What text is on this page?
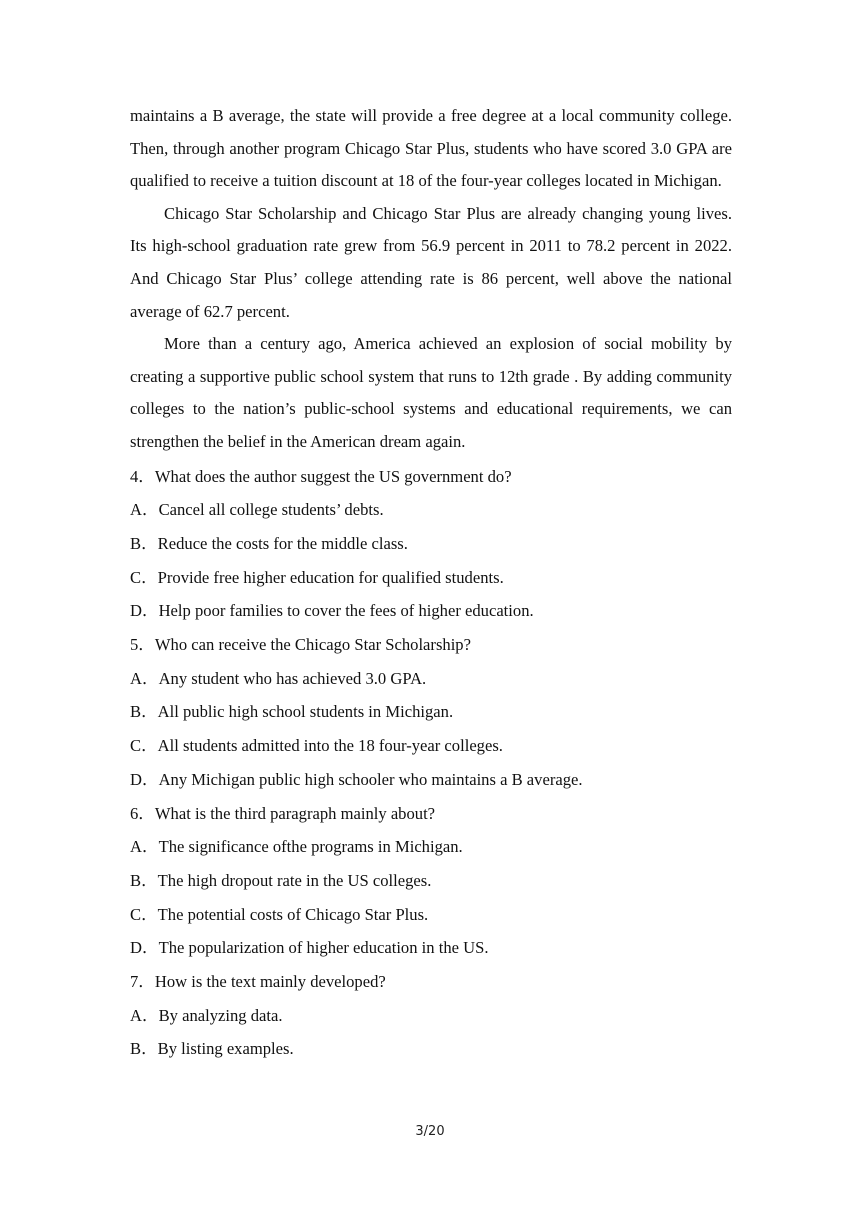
maintains a B average, the state will provide a free degree at a local community college. Then, through another program Chicago Star Plus, students who have scored 3.0 GPA are qualified to receive a tuition discount at 18 of the four-year colleges located in Michigan.

Chicago Star Scholarship and Chicago Star Plus are already changing young lives. Its high-school graduation rate grew from 56.9 percent in 2011 to 78.2 percent in 2022. And Chicago Star Plus’ college attending rate is 86 percent, well above the national average of 62.7 percent.

More than a century ago, America achieved an explosion of social mobility by creating a supportive public school system that runs to 12th grade . By adding community colleges to the nation’s public-school systems and educational requirements, we can strengthen the belief in the American dream again.

4．What does the author suggest the US government do?

A．Cancel all college students’ debts.

B．Reduce the costs for the middle class.

C．Provide free higher education for qualified students.

D．Help poor families to cover the fees of higher education.

5．Who can receive the Chicago Star Scholarship?

A．Any student who has achieved 3.0 GPA.

B．All public high school students in Michigan.

C．All students admitted into the 18 four-year colleges.

D．Any Michigan public high schooler who maintains a B average.

6．What is the third paragraph mainly about?

A．The significance ofthe programs in Michigan.

B．The high dropout rate in the US colleges.

C．The potential costs of Chicago Star Plus.

D．The popularization of higher education in the US.

7．How is the text mainly developed?

A．By analyzing data.

B．By listing examples.

3/20
